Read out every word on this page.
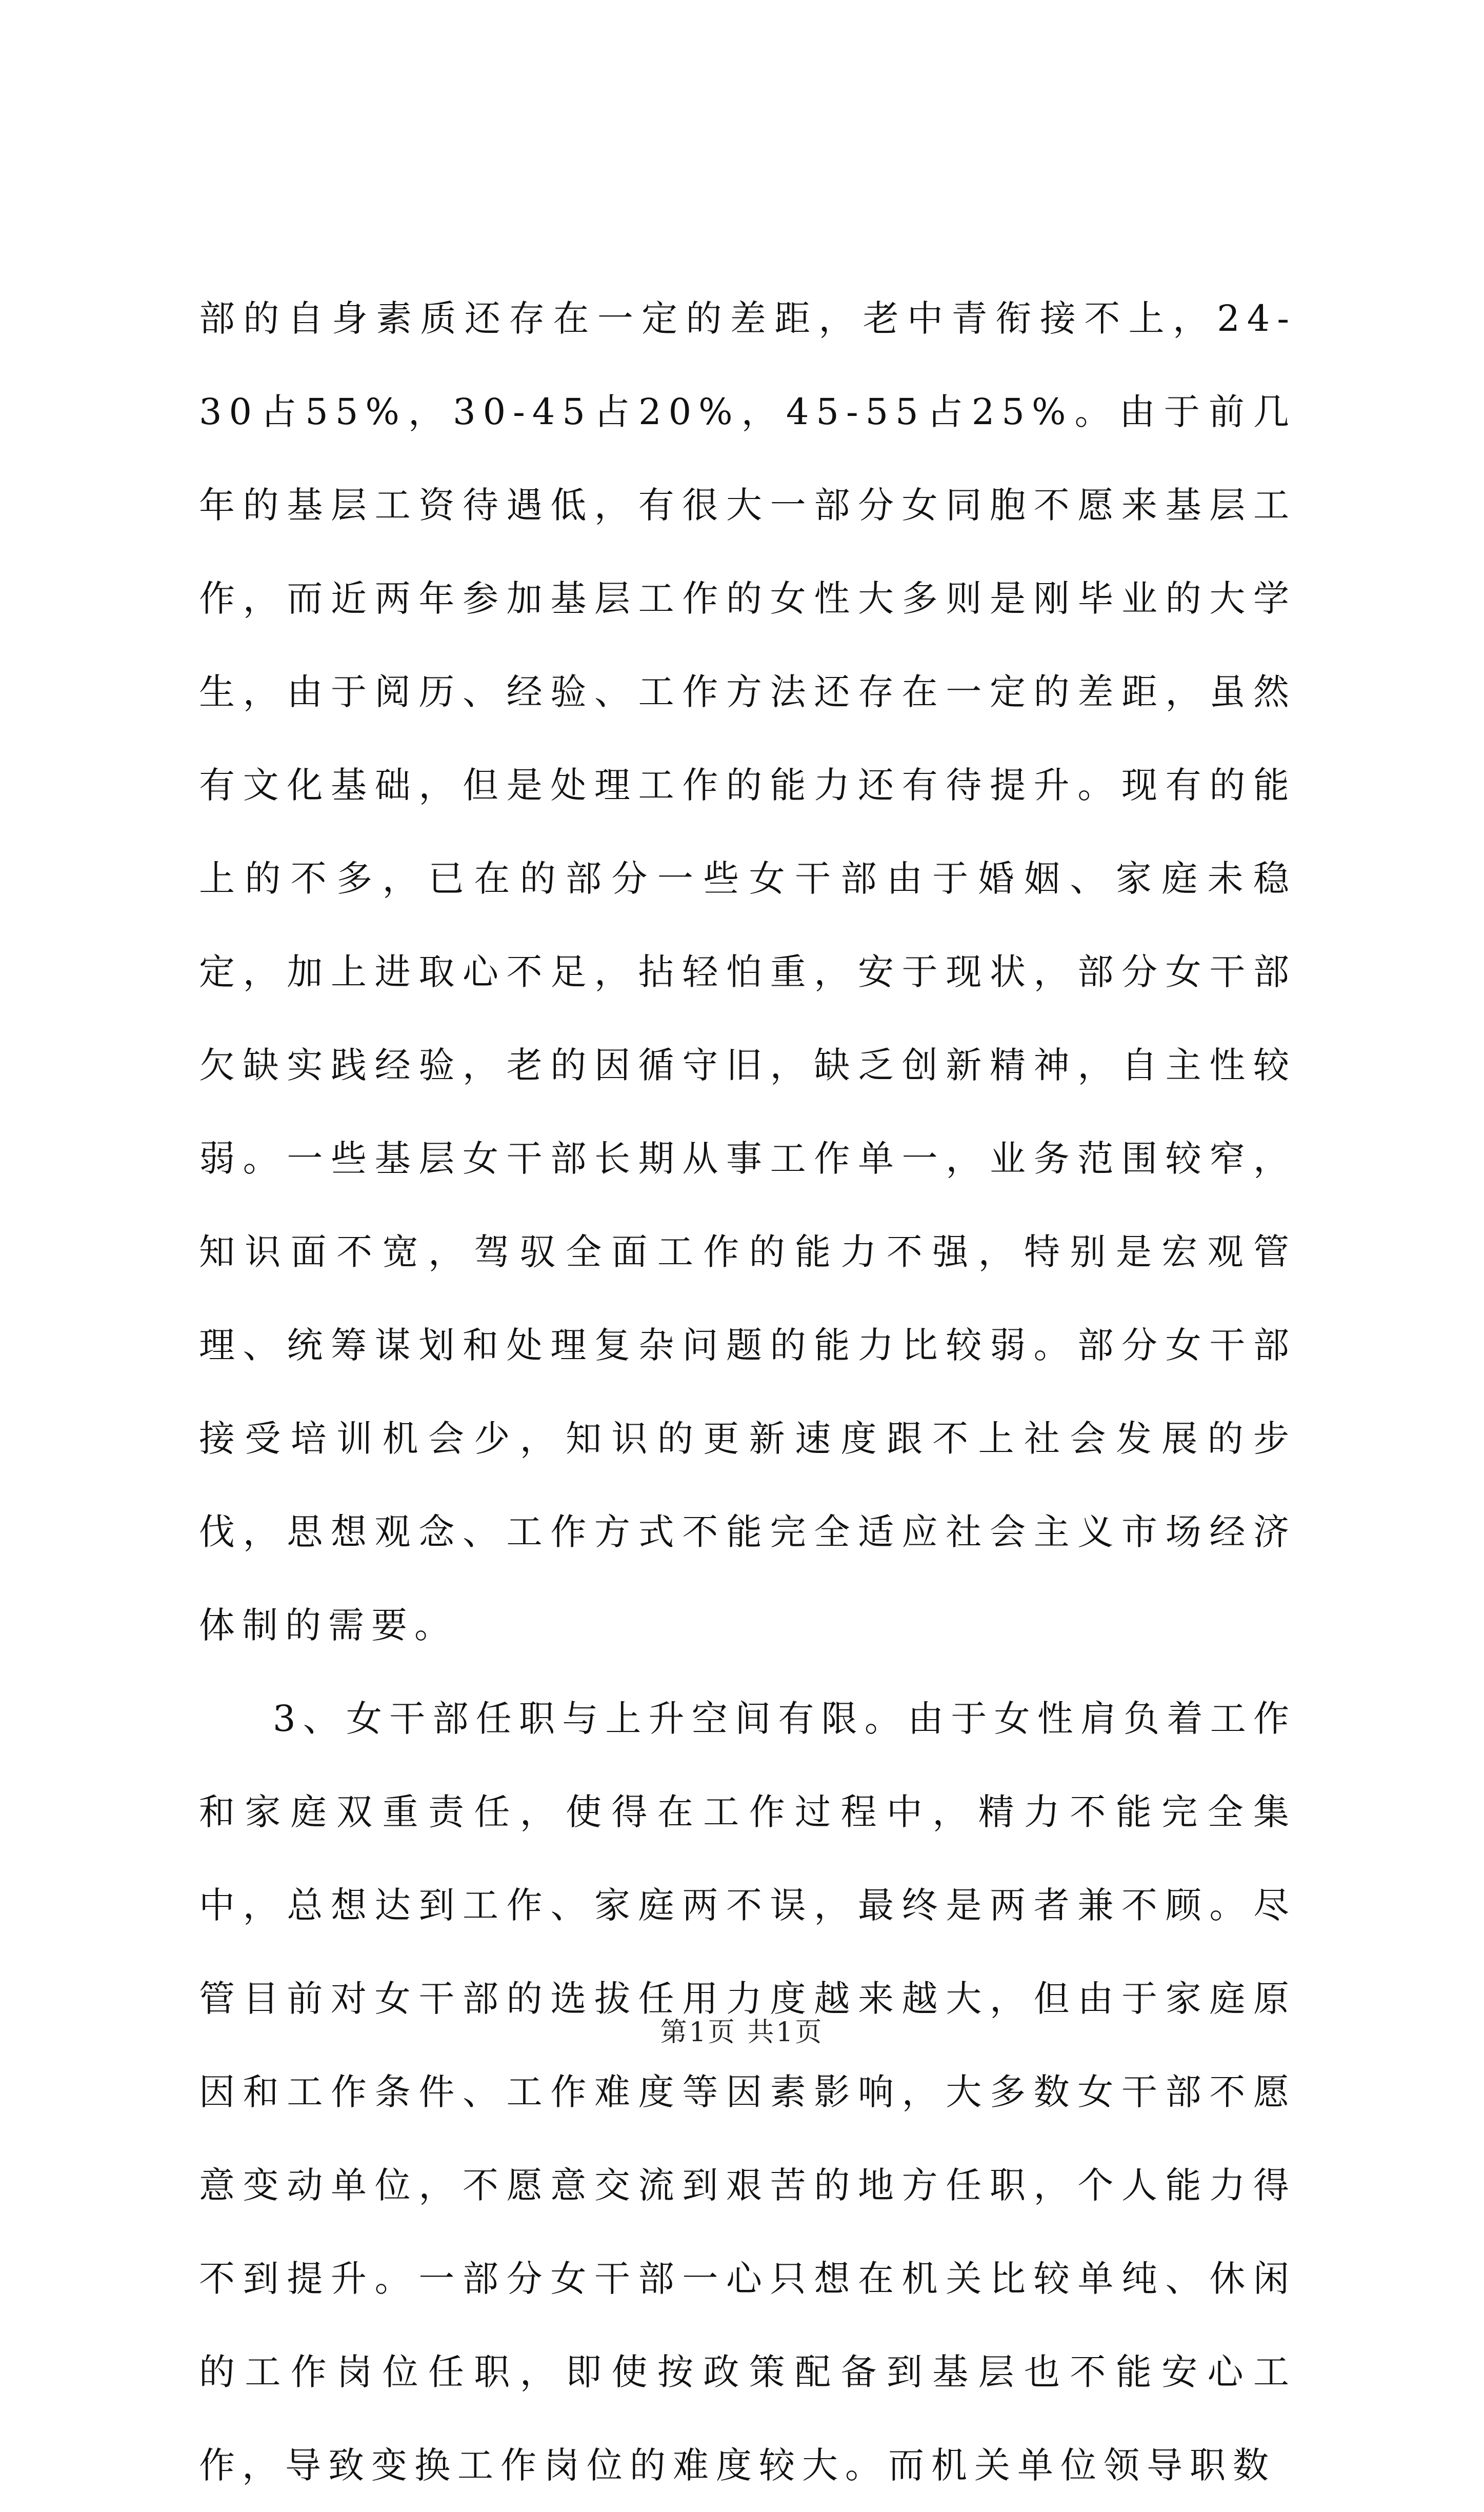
部的自身素质还存在一定的差距，老中青衔接不上，24-30占55%，30-45占20%，45-55占25%。由于前几年的基层工资待遇低，有很大一部分女同胞不愿来基层工作，而近两年参加基层工作的女性大多则是刚毕业的大学生，由于阅历、经验、工作方法还存在一定的差距，虽然有文化基础，但是处理工作的能力还有待提升。现有的能上的不多，已在的部分一些女干部由于婚姻、家庭未稳定，加上进取心不足，拈轻怕重，安于现状，部分女干部欠缺实践经验，老的因循守旧，缺乏创新精神，自主性较弱。一些基层女干部长期从事工作单一，业务范围较窄，知识面不宽，驾驭全面工作的能力不强，特别是宏观管理、统筹谋划和处理复杂问题的能力比较弱。部分女干部接受培训机会少，知识的更新速度跟不上社会发展的步伐，思想观念、工作方式不能完全适应社会主义市场经济体制的需要。

3、女干部任职与上升空间有限。由于女性肩负着工作和家庭双重责任，使得在工作过程中，精力不能完全集中，总想达到工作、家庭两不误，最终是两者兼不顾。尽管目前对女干部的选拔任用力度越来越大，但由于家庭原因和工作条件、工作难度等因素影响，大多数女干部不愿意变动单位，不愿意交流到艰苦的地方任职，个人能力得不到提升。一部分女干部一心只想在机关比较单纯、休闲的工作岗位任职，即使按政策配备到基层也不能安心工作，导致变换工作岗位的难度较大。而机关单位领导职数

第1页 共1页
